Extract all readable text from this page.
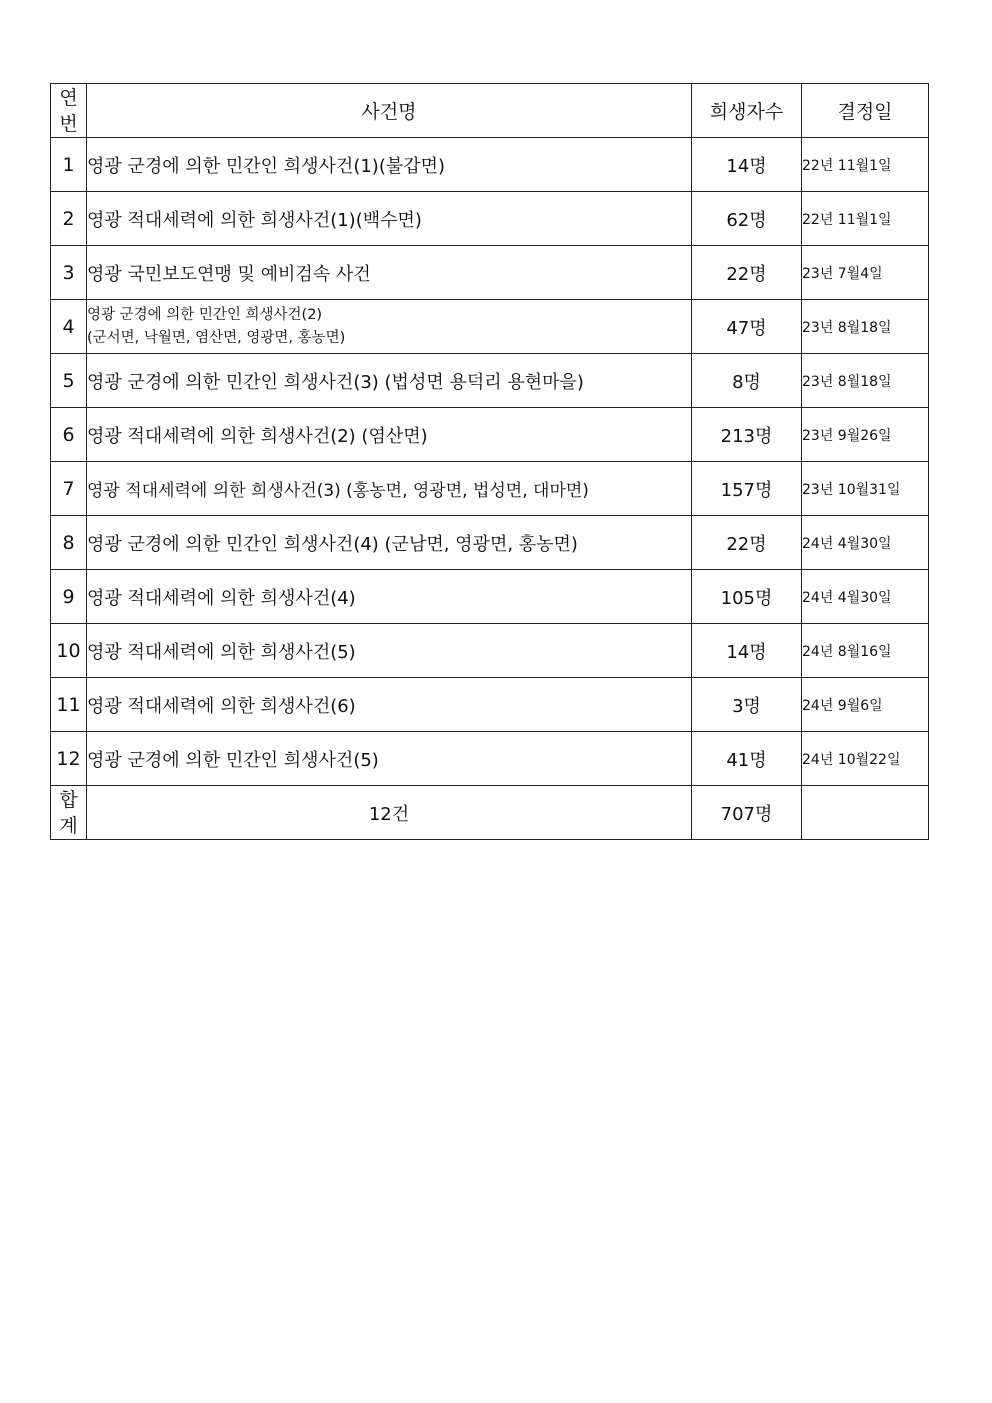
연
번	사건명	희생자수	결정일
1	영광 군경에 의한 민간인 희생사건(1)(불갑면)	14명	22년 11월1일
2	영광 적대세력에 의한 희생사건(1)(백수면)	62명	22년 11월1일
3	영광 국민보도연맹 및 예비검속 사건	22명	23년 7월4일
4	영광 군경에 의한 민간인 희생사건(2)
(군서면, 낙월면, 염산면, 영광면, 홍농면)	47명	23년 8월18일
5	영광 군경에 의한 민간인 희생사건(3) (법성면 용덕리 용현마을)	8명	23년 8월18일
6	영광 적대세력에 의한 희생사건(2) (염산면)	213명	23년 9월26일
7	영광 적대세력에 의한 희생사건(3) (홍농면, 영광면, 법성면, 대마면)	157명	23년 10월31일
8	영광 군경에 의한 민간인 희생사건(4) (군남면, 영광면, 홍농면)	22명	24년 4월30일
9	영광 적대세력에 의한 희생사건(4)	105명	24년 4월30일
10	영광 적대세력에 의한 희생사건(5)	14명	24년 8월16일
11	영광 적대세력에 의한 희생사건(6)	3명	24년 9월6일
12	영광 군경에 의한 민간인 희생사건(5)	41명	24년 10월22일

합
계	12건	707명	
